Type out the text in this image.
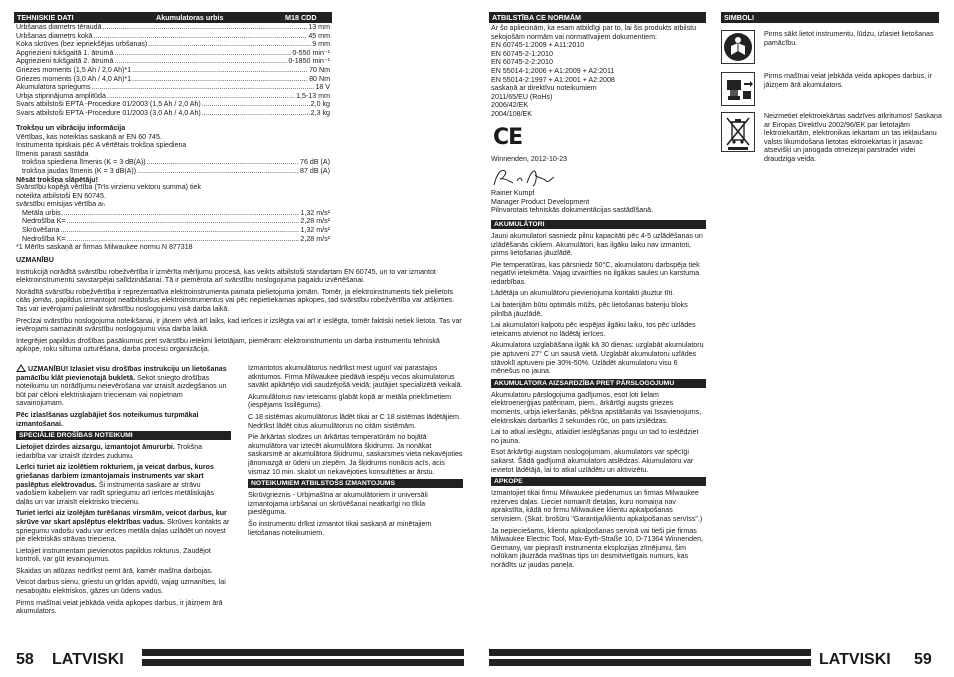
TEHNISKIE DATI	Akumulatoras urbis	M18 CDD
Urbšanas diametrs tēraudā .....	13 mm
Urbšanas diametrs kokā .....	45 mm
Koka skrūves (bez iepriekšējas urbšanas) .....	9 mm
Apgriezieni tukšgaitā 1. ātrumā .....	0-550 min⁻¹
Apgriezieni tukšgaitā 2. ātrumā .....	0-1850 min⁻¹
Griezes moments (1,5 Ah / 2,0 Ah)*1 .....	70 Nm
Griezes moments (3,0 Ah / 4,0 Ah)*1 .....	80 Nm
Akumulatora spriegums .....	18 V
Urbja stiprinājuma amplitūda .....	1,5-13 mm
Svars atbilstoši EPTA -Procedure 01/2003 (1,5 Ah / 2,0 Ah) .....	2,0 kg
Svars atbilstoši EPTA -Procedure 01/2003 (3,0 Ah / 4,0 Ah) .....	2,3 kg
Trokšņu un vibrāciju informācija
Vērtības, kas noteiktas saskaņā ar EN 60 745.
Instrumenta tipiskais pēc A vērtētais trokšņa spiediena
līmenis parasti sastāda
trokšņa spiediena līmenis (K = 3 dB(A)) .....	76 dB (A)
trokšņa jaudas līmenis (K = 3 dB(A)) .....	87 dB (A)
Nēsāt trokšņa slāpētāju!
Svārstību kopējā vērtība (Trīs virzienu vektoru summa) tiek
noteikta atbilstoši EN 60745.
svārstību emisijas vērtība aₕ
Metāla urbis .....	1,32 m/s²
Nedrošība K= .....	2,28 m/s²
Skrūvēšana .....	1,32 m/s²
Nedrošība K= .....	2,28 m/s²
*1 Mērīts saskaņā ar firmas Milwaukee normu N 877318

UZMANĪBU

Instrukcijā norādītā svārstību robežvērtība ir izmērīta mērījumu procesā, kas veikts atbilstoši standartam EN 60745, un to var izmantot elektroinstrumentu savstarpējai salīdzināšanai. Tā ir piemērota arī svārstību noslogojuma pagaidu izvērtēšanai.

Norādītā svārstību robežvērtība ir reprezentatīva elektroinstrumenta pamata pielietojuma jomām. Tomēr, ja elektroinstruments tiek pielietots citās jomās, papildus izmantojot neatbilstošus elektroinstrumentus vai pēc nepietiekamas apkopes, tad svārstību robežvērtība var atšķirties. Tas var ievērojami palielināt svārstību noslogojumu visā darba laikā.

Precīzai svārstību noslogojuma noteikšanai, ir jāņem vērā arī laiks, kad ierīces ir izslēgta vai arī ir ieslēgta, tomēr faktiski netiek lietota. Tas var ievērojami samazināt svārstību noslogojumu visa darba laikā.

Integrējiet papildus drošības pasākumus pret svārstību ietekmi lietotājam, piemēram: elektroinstrumentu un darba instrumentu tehniskā apkope, roku siltuma uzturēšana, darba procesu organizācija.

UZMANĪBU! Izlasiet visu drošības instrukciju un lietošanas pamācību klāt pievienotajā bukletā. Sekot sniegto drošības noteikumu un norādījumu neievērošana var izraisīt aizdegšanos un būt par cēloni elektriskajam triecienam vai nopietnam savainojumam.

Pēc izlasīšanas uzglabājiet šos noteikumus turpmākai izmantošanai.

SPECIĀLIE DROŠĪBAS NOTEIKUMI

Lietojiet dzirdes aizsargu, izmantojot āmururbi. Trokšņa iedarbība var izraisīt dzirdes zudumu.

Lerīci turiet aiz izolētiem rokturiem, ja veicat darbus, kuros griešanas darbiem izmantojamais instruments var skart paslēptus elektrovadus. Ši instrumenta saskare ar strāvu vadošiem kabeļiem var radīt spriegumu arī ierīces metāliskajās daļās un var izraisīt elektrisko triecienu.

Turiet ierīci aiz izolējām turēšanas virsmām, veicot darbus, kur skrūve var skart apslēptus elektrības vadus. Skrūves kontakts ar spriegumu vadošu vadu var ierīces metāla daļas uzlādēt un novest pie elektriskās strāvas trieciena.

Lietojiet instrumentam pievienotos papildus rokturus. Zaudējot kontroli, var gūt ievainojumus.

Skaidas un atlūzas nedrīkst ņemt ārā, kamēr mašīna darbojas.

Veicot darbus sienu, griestu un grīdas apvidū, vajag uzmanīties, lai nesabojātu elektriskos, gāzes un ūdens vadus.

Pirms mašīnai veiat jebkāda veida apkopes darbus, ir jāizņem ārā akumulators.

Izmantotos akumulātorus nedrīkst mest ugunī vai parastajos atkritumos. Firma Milwaukee piedāvā iespēju vecos akumulatorus savākt apkārtējo vidi saudzējošā veidā; jautājiet specializētā veikalā.

Akumulātorus nav ieteicams glabāt kopā ar metāla priekšmetiem (iespējams īssilēgums).

C 18 sistēmas akumulātorus lādēt tikai ar C 18 sistēmas lādētājiem. Nedrīkst lādēt citus akumulātorus no citām sistēmām.

Pie ārkārtas slodzes un ārkārtas temperatūrām no bojātā akumulātora var iztecēt akumulātora šķidrums. Ja nonākat saskarsmē ar akumulātora šķidrumu, saskarsmes vieta nekavējoties jānomazgā ar ūdeni un ziepēm. Ja šķidrums nonācis acīs, acis vismaz 10 min. skalot un nekavējoties konsultēties ar ārstu.

NOTEIKUMIEM ATBILSTOŠS IZMANTOJUMS

Skrūvgrieznis - Urbjmašīna ar akumulātoriem ir universāli izmantojama urbšanai un skrūvēšanai neatkarīgi no tīkla pieslēguma.

Šo instrumentu drīkst izmantot tikai saskaņā ar minētajiem lietošanas noteikumiem.

58 LATVISKI
ATBILSTĪBA CE NORMĀM
Ar šo apliecinām, ka esam atbildīgi par to, lai šis produkts atbilstu sekojošām normām vai normatīvajiem dokumentiem:
EN 60745-1:2009 + A11:2010
EN 60745-2-1:2010
EN 60745-2-2:2010
EN 55014-1:2006 + A1:2009 + A2:2011
EN 55014-2:1997 + A1:2001 + A2:2008
saskaņā ar direktīvu noteikumiem
2011/65/EU (RoHs)
2006/42/EK
2004/108/EK
CE
Winnenden, 2012-10-23
Rainer Kumpf
Manager Product Development
Pilnvarotais tehniskās dokumentācijas sastādīšanā.
AKUMULĀTORI

Jauni akumulatori sasniedz pilnu kapacitāti pēc 4-5 uzlādēšanas un izlādēšanās cikliem. Akumulātori, kas ilgāku laiku nav izmantoti, pirms lietošanas jāuzlādē.

Pie temperatūras, kas pārsniedz 50°C, akumulatoru darbspēja tiek negatīvi ietekmēta. Vajag izvairīties no ilgākas saules un karstuma iedarbības.

Lādētāja un akumulātoru pievienojuma kontakti jāuztur tīri.

Lai baterijām būtu optimāls mūžs, pēc lietošanas bateriju bloks pilnībā jāuzlādē.

Lai akumulatori kalpotu pēc iespējas ilgāku laiku, tos pēc uzlādes ieteicams atvienot no lādētāj ierīces.

Akumulatora uzglabāšana ilgāk kā 30 dienas: uzglabāt akumulatoru pie aptuveni 27° C un sausā vietā. Uzglabāt akumulatoru uzlādes stāvoklī aptuveni pie 30%-50%. Uzlādēt akumulatoru visu 6 mēnešus no jauna.

AKUMULATORA AIZSARDZĪBA PRET PĀRSLOGOJUMU

Akumulatoru pārslogojuma gadījumos, esot ļoti lielam elektroenerģijas patēriņam, piem., ārkārtīgi augsts griezes moments, urbja iekeršanās, pēkšņa apstāšanās vai īssavienojums, elektriskais darbarīks 2 sekundes rūc, un pats izslēdzas.

Lai to atkal ieslēgtu, atlaidiet ieslēgšanas pogu un tad to ieslēdziet no jauna.

Esot ārkārtīgi augstam noslogojumam, akumulators var spēcīgi sakarst. Šādā gadījumā akumulators atslēdzas. Akumulatoru var ievietot lādētājā, lai to atkal uzlādētu un aktivizētu.

APKOPE

Izmantojiet tikai firmu Milwaukee piederumus un firmas Milwaukee rezerves daļas. Lieciet nomainīt detaļas, kuru nomaiņa nav aprakstīta, kādā no firmu Milwaukee klientu apkalpošanas servisiem. (Skat. brošūru "Garantija/klientu apkalpošanas servīss".)

Ja nepieciešams, klientu apkalpošanas servisā vai tieši pie firmas Milwaukee Electric Tool, Max-Eyth-Straße 10, D-71364 Winnenden, Germany, var pieprasīt instrumenta eksplozijas zīmējumu, šim nolūkam jāuzrāda mašīnas tips un desmitvietīgais numurs, kas norādīts uz jaudas paneļa.

SIMBOLI
Pirms sākt lietot instrumentu, lūdzu, izlasiet lietošanas pamācību.
Pirms mašīnai veiat jebkāda veida apkopes darbus, ir jāizņem ārā akumulators.
Neizmetiet elektroiekārtas sadzīves atkritumos! Saskaņa ar Eiropas Direktīvu 2002/96/EK par lietotajām lektroiekartām, elektronikas iekartam un tas iekļaušanu valsts likumdošana lietotas ektroiekartas ir jasavac atsevišķi un janogada otrreizejai parstradei videi draudziga veida.
LATVISKI 59
